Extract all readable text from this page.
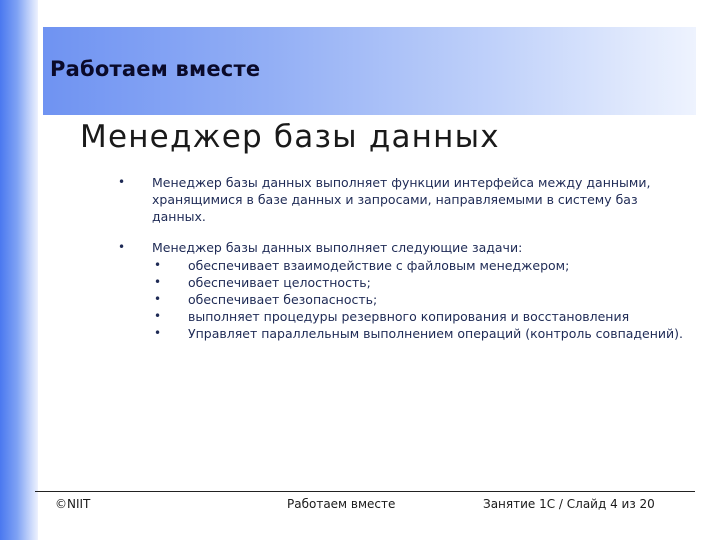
Работаем вместе
Менеджер базы данных
• Менеджер базы данных выполняет функции интерфейса между данными, хранящимися в базе данных и запросами, направляемыми в систему баз данных.
• Менеджер базы данных выполняет следующие задачи:
• обеспечивает взаимодействие с файловым менеджером;
• обеспечивает целостность;
• обеспечивает безопасность;
• выполняет процедуры резервного копирования и восстановления
• Управляет параллельным выполнением операций (контроль совпадений).
©NIIT	Работаем вместе	Занятие 1С / Слайд 4 из 20
